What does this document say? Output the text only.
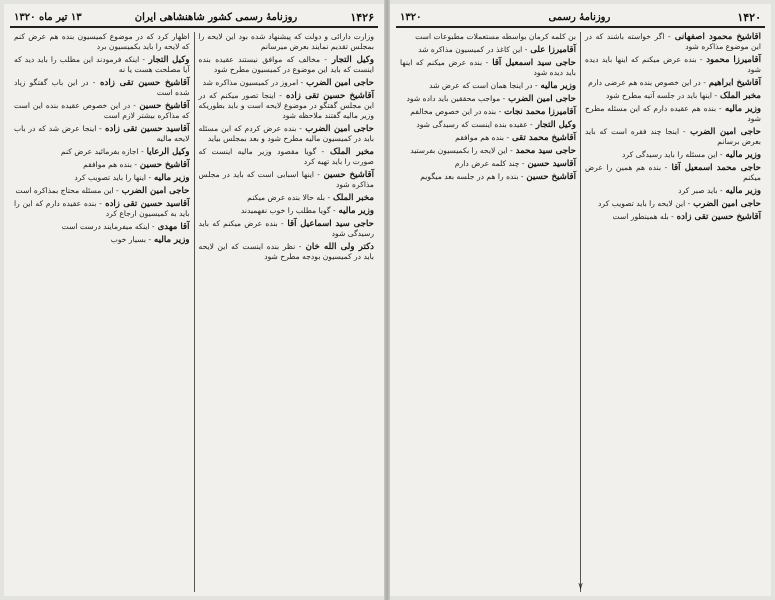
۱۴۲۶
روزنامهٔ رسمی کشور شاهنشاهی ایران
۱۳ تیر ماه ۱۳۲۰

وزارت دارائی و دولت که پیشنهاد شده بود این لایحه را بمجلس تقدیم نمایند بعرض میرسانم

وکیل التجار - مخالف که موافق نیستند عقیده بنده اینست که باید این موضوع در کمیسیون مطرح شود

حاجی امین الضرب - امروز در کمیسیون مذاکره شد

آقاشیخ حسین تقی زاده - اینجا تصور میکنم که در این مجلس گفتگو در موضوع لایحه است و باید بطوریکه وزیر مالیه گفتند ملاحظه شود

حاجی امین الضرب - بنده عرض کردم که این مسئله باید در کمیسیون مالیه مطرح شود و بعد بمجلس بیاید

مخبر الملک - گویا مقصود وزیر مالیه اینست که صورت را باید تهیه کرد

آقاشیخ حسین - اینها اسبابی است که باید در مجلس مذاکره شود

مخبر الملک - بله حالا بنده عرض میکنم

وزیر مالیه - گویا مطلب را خوب نفهمیدند

حاجی سید اسماعیل آقا - بنده عرض میکنم که باید رسیدگی شود

دکتر ولی الله خان - نظر بنده اینست که این لایحه باید در کمیسیون بودجه مطرح شود

اظهار کرد که در موضوع کمیسیون بنده هم عرض کنم که لایحه را باید بکمیسیون برد

وکیل التجار - اینکه فرمودند این مطلب را باید دید که آیا مصلحت هست یا نه

آقاشیخ حسین تقی زاده - در این باب گفتگو زیاد شده است

آقاشیخ حسین - در این خصوص عقیده بنده این است که مذاکره بیشتر لازم است

آقاسید حسین تقی زاده - اینجا عرض شد که در باب لایحه مالیه

وکیل الرعایا - اجازه بفرمائید عرض کنم

آقاشیخ حسین - بنده هم موافقم

وزیر مالیه - اینها را باید تصویب کرد

حاجی امین الضرب - این مسئله محتاج بمذاکره است

آقاسید حسین تقی زاده - بنده عقیده دارم که این را باید به کمیسیون ارجاع کرد

آقا مهدی - اینکه میفرمایند درست است

وزیر مالیه - بسیار خوب

۱۴۲۰
روزنامهٔ رسمی
۱۳۲۰

آقاشیخ محمود اصفهانی - اگر خواسته باشند که در این موضوع مذاکره شود

آقامیرزا محمود - بنده عرض میکنم که اینها باید دیده شود

آقاشیخ ابراهیم - در این خصوص بنده هم عرضی دارم

مخبر الملک - اینها باید در جلسه آتیه مطرح شود

وزیر مالیه - بنده هم عقیده دارم که این مسئله مطرح شود

حاجی امین الضرب - اینجا چند فقره است که باید بعرض برسانم

وزیر مالیه - این مسئله را باید رسیدگی کرد

حاجی محمد اسمعیل آقا - بنده هم همین را عرض میکنم

وزیر مالیه - باید صبر کرد

حاجی امین الضرب - این لایحه را باید تصویب کرد

آقاشیخ حسین تقی زاده - بله همینطور است

بن کلمه کرمان بواسطه مستعملات مطبوعات است

آقامیرزا علی - این کاغذ در کمیسیون مذاکره شد

حاجی سید اسمعیل آقا - بنده عرض میکنم که اینها باید دیده شود

وزیر مالیه - در اینجا همان است که عرض شد

حاجی امین الضرب - مواجب محققین باید داده شود

آقامیرزا محمد نجات - بنده در این خصوص مخالفم

وکیل التجار - عقیده بنده اینست که رسیدگی شود

آقاشیخ محمد تقی - بنده هم موافقم

حاجی سید محمد - این لایحه را بکمیسیون بفرستید

آقاسید حسین - چند کلمه عرض دارم

آقاشیخ حسین - بنده را هم در جلسه بعد میگویم

۷
